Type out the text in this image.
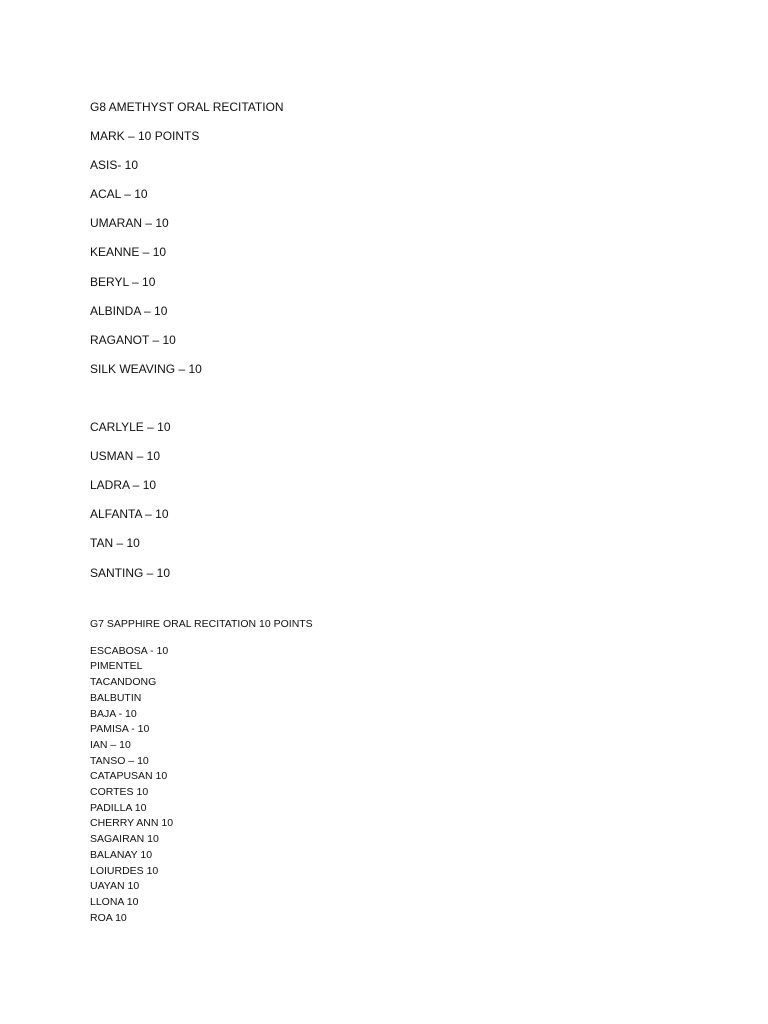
G8 AMETHYST ORAL RECITATION
MARK – 10 POINTS
ASIS- 10
ACAL – 10
UMARAN – 10
KEANNE – 10
BERYL – 10
ALBINDA – 10
RAGANOT – 10
SILK WEAVING – 10
CARLYLE – 10
USMAN – 10
LADRA – 10
ALFANTA – 10
TAN – 10
SANTING – 10
G7 SAPPHIRE ORAL RECITATION 10 POINTS
ESCABOSA - 10
PIMENTEL
TACANDONG
BALBUTIN
BAJA - 10
PAMISA - 10
IAN – 10
TANSO – 10
CATAPUSAN 10
CORTES 10
PADILLA 10
CHERRY ANN 10
SAGAIRAN 10
BALANAY 10
LOIURDES 10
UAYAN 10
LLONA 10
ROA 10
